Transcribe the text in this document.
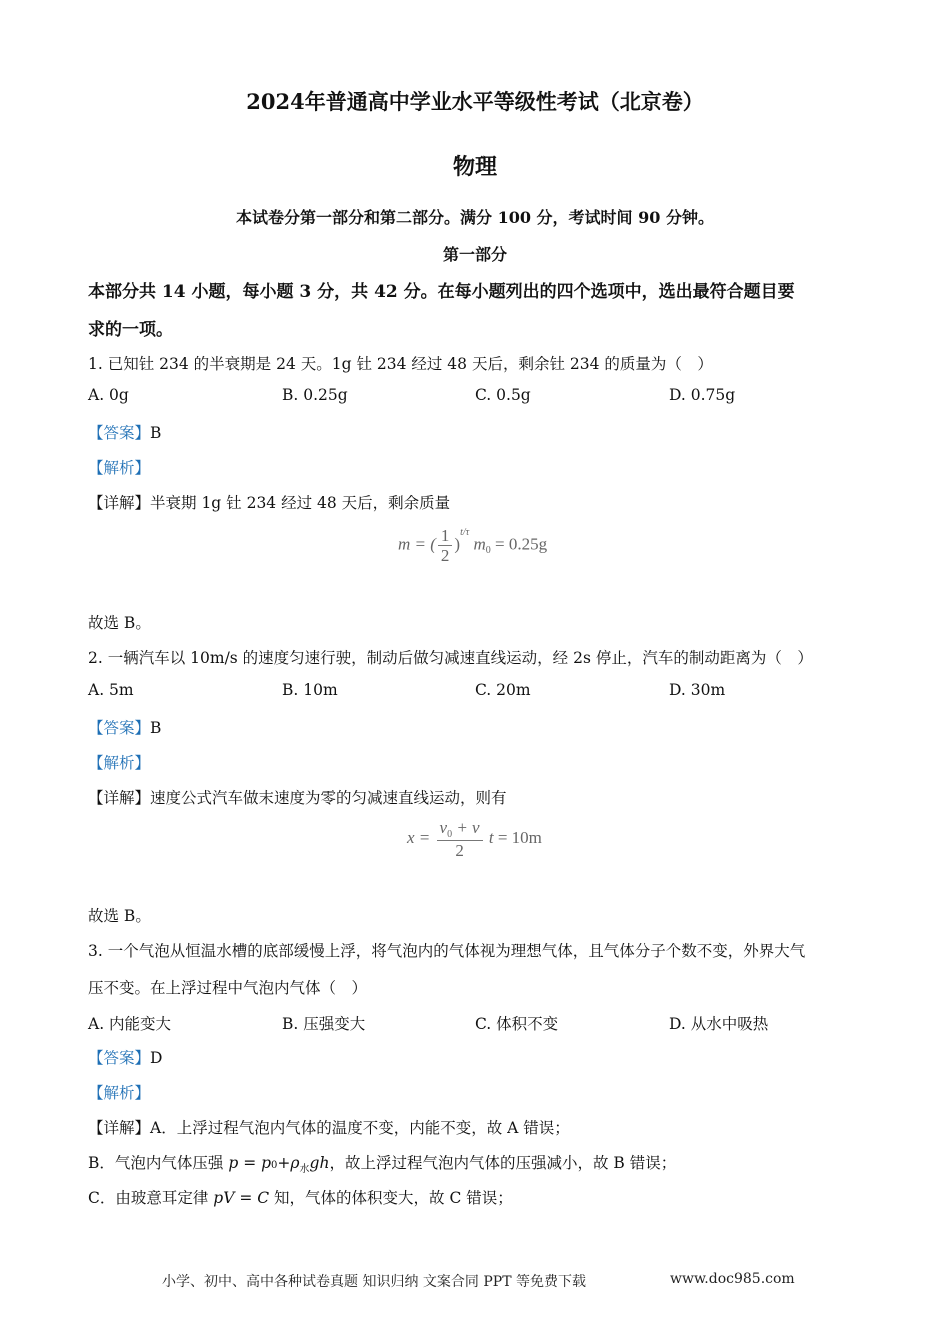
2024年普通高中学业水平等级性考试（北京卷）
物理
本试卷分第一部分和第二部分。满分 100 分，考试时间 90 分钟。
第一部分
本部分共 14 小题，每小题 3 分，共 42 分。在每小题列出的四个选项中，选出最符合题目要
求的一项。
1. 已知钍 234 的半衰期是 24 天。1g 钍 234 经过 48 天后，剩余钍 234 的质量为（　）
A. 0g	B. 0.25g	C. 0.5g	D. 0.75g
【答案】B
【解析】
【详解】半衰期 1g 钍 234 经过 48 天后，剩余质量
m = ( $\frac{1}{2} )^{t/\tau}$ $m_0 = 0.25g$
故选 B。
2. 一辆汽车以 10m/s 的速度匀速行驶，制动后做匀减速直线运动，经 2s 停止，汽车的制动距离为（　）
A. 5m	B. 10m	C. 20m	D. 30m
【答案】B
【解析】
【详解】速度公式汽车做末速度为零的匀减速直线运动，则有
$x = \frac{v_0 + v}{2}$ t = 10m
故选 B。
3. 一个气泡从恒温水槽的底部缓慢上浮，将气泡内的气体视为理想气体，且气体分子个数不变，外界大气
压不变。在上浮过程中气泡内气体（　）
A. 内能变大	B. 压强变大	C. 体积不变	D. 从水中吸热
【答案】D
【解析】
【详解】A．上浮过程气泡内气体的温度不变，内能不变，故 A 错误；
B．气泡内气体压强 $p = p0+\rho_水gh$，故上浮过程气泡内气体的压强减小，故 B 错误；
C．由玻意耳定律 pV = C 知，气体的体积变大，故 C 错误；
小学、初中、高中各种试卷真题 知识归纳 文案合同 PPT 等免费下载	www.doc985.com
